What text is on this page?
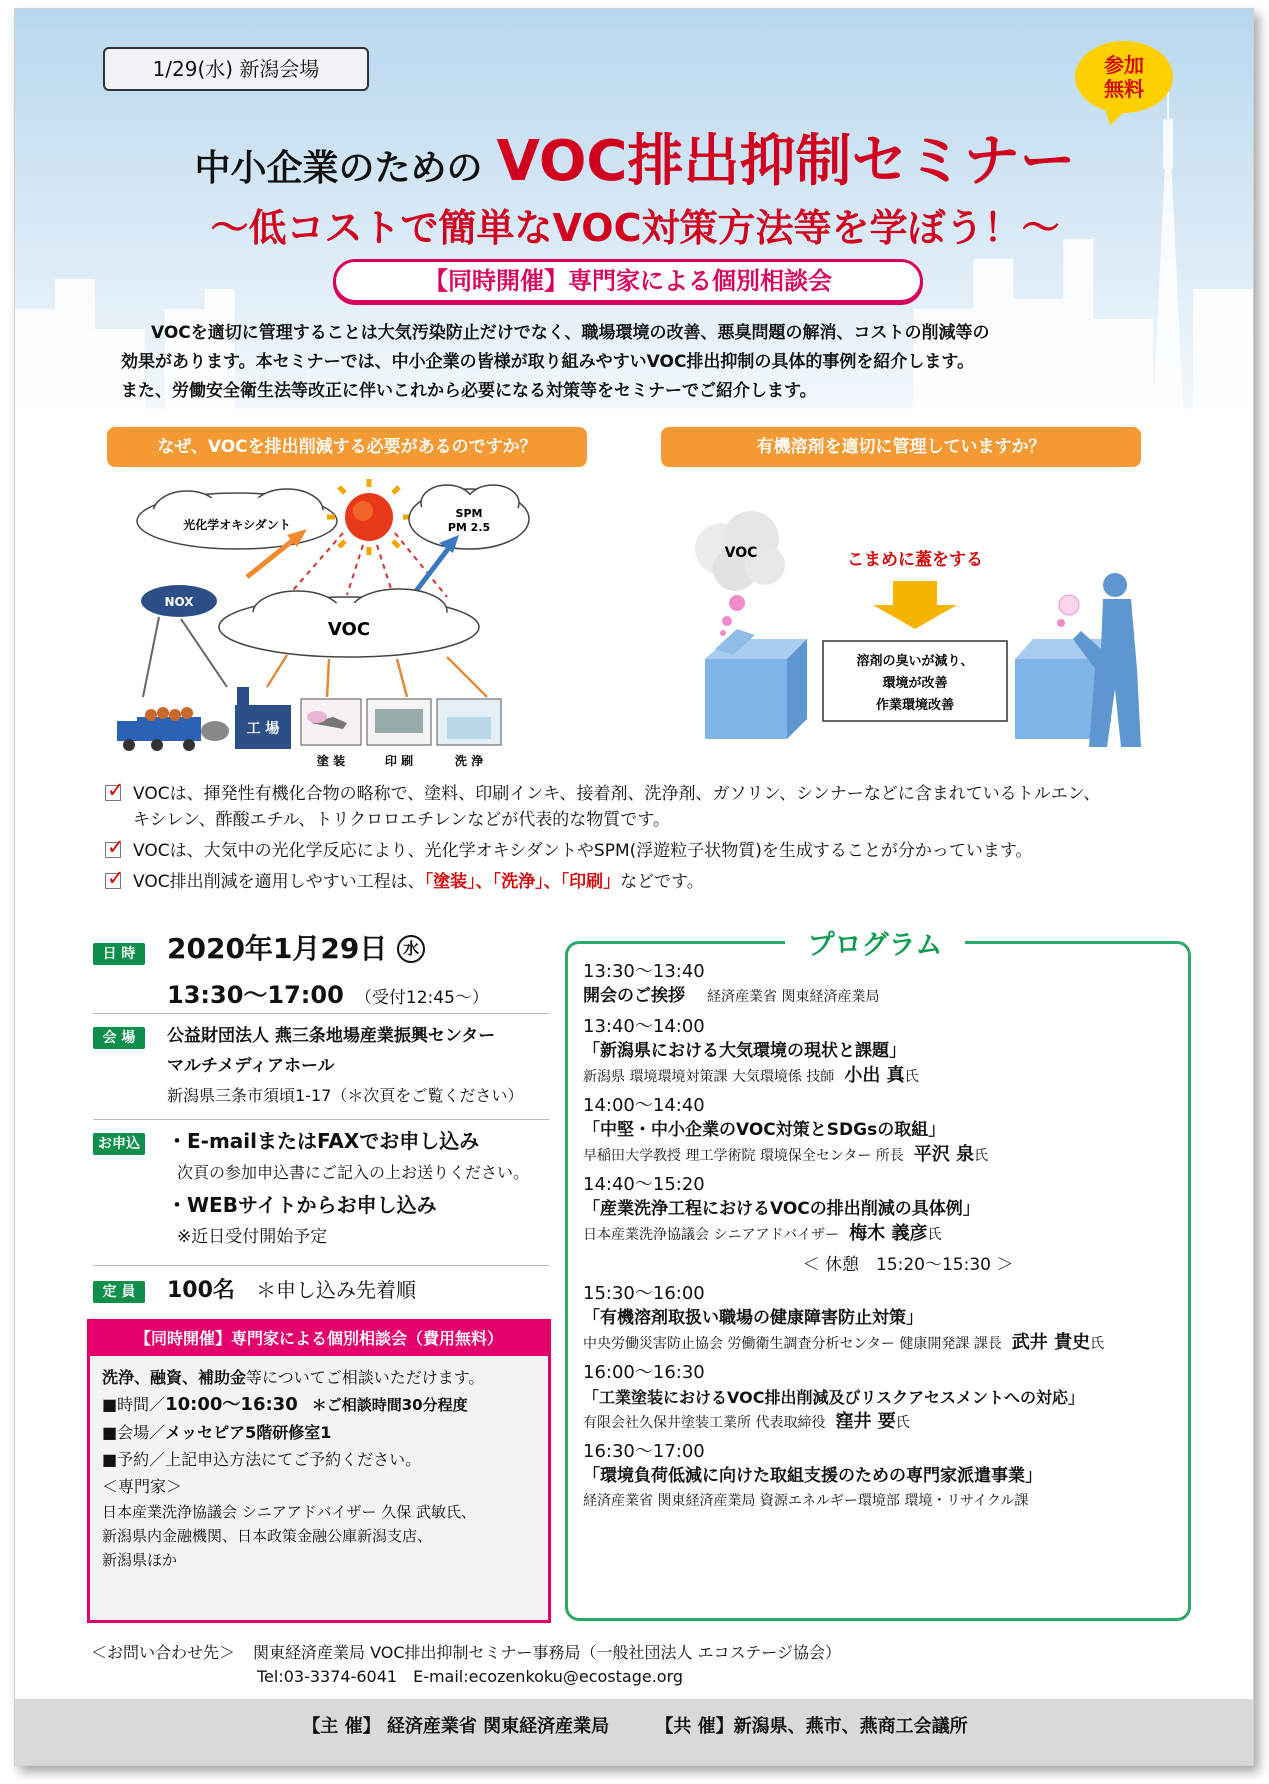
1/29(水) 新潟会場	参加
無料
中小企業のための VOC排出抑制セミナー
～低コストで簡単なVOC対策方法等を学ぼう！～
【同時開催】専門家による個別相談会

VOCを適切に管理することは大気汚染防止だけでなく、職場環境の改善、悪臭問題の解消、コストの削減等の

効果があります。本セミナーでは、中小企業の皆様が取り組みやすいVOC排出抑制の具体的事例を紹介します。

また、労働安全衛生法等改正に伴いこれから必要になる対策等をセミナーでご紹介します。

なぜ、VOCを排出削減する必要があるのですか？	有機溶剤を適切に管理していますか？
光化学オキシダント
SPM
PM 2.5
NOX
VOC
工 場
塗 装	印 刷	洗 浄
VOC	こまめに蓋をする
溶剤の臭いが減り、
環境が改善
作業環境改善
✓
VOCは、揮発性有機化合物の略称で、塗料、印刷インキ、接着剤、洗浄剤、ガソリン、シンナーなどに含まれているトルエン、
キシレン、酢酸エチル、トリクロロエチレンなどが代表的な物質です。
✓
VOCは、大気中の光化学反応により、光化学オキシダントやSPM(浮遊粒子状物質)を生成することが分かっています。
✓
VOC排出削減を適用しやすい工程は、「塗装」、「洗浄」、「印刷」などです。
日 時	2020年1月29日 水
13:30～17:00 （受付12:45～）
会 場	公益財団法人 燕三条地場産業振興センター
マルチメディアホール
新潟県三条市須頃1-17（＊次頁をご覧ください）
お申込 ・E-mailまたはFAXでお申し込み
次頁の参加申込書にご記入の上お送りください。
・WEBサイトからお申し込み
※近日受付開始予定
定 員	100名 ＊申し込み先着順
【同時開催】専門家による個別相談会（費用無料）
洗浄、融資、補助金等についてご相談いただけます。
■時間／10:00～16:30 ＊ご相談時間30分程度
■会場／メッセピア5階研修室1
■予約／上記申込方法にてご予約ください。
＜専門家＞
日本産業洗浄協議会 シニアアドバイザー 久保 武敏氏、
新潟県内金融機関、日本政策金融公庫新潟支店、
新潟県ほか
プログラム
13:30～13:40
開会のご挨拶 経済産業省 関東経済産業局
13:40～14:00
「新潟県における大気環境の現状と課題」
新潟県 環境環境対策課 大気環境係 技師 小出 真氏
14:00～14:40
「中堅・中小企業のVOC対策とSDGsの取組」
早稲田大学教授 理工学術院 環境保全センター 所長 平沢 泉氏
14:40～15:20
「産業洗浄工程におけるVOCの排出削減の具体例」
日本産業洗浄協議会 シニアアドバイザー 梅木 義彦氏
＜ 休憩　15:20～15:30 ＞
15:30～16:00
「有機溶剤取扱い職場の健康障害防止対策」
中央労働災害防止協会 労働衛生調査分析センター 健康開発課 課長 武井 貴史氏
16:00～16:30
「工業塗装におけるVOC排出削減及びリスクアセスメントへの対応」
有限会社久保井塗装工業所 代表取締役 窪井 要氏
16:30～17:00
「環境負荷低減に向けた取組支援のための専門家派遣事業」
経済産業省 関東経済産業局 資源エネルギー環境部 環境・リサイクル課
＜お問い合わせ先＞ 関東経済産業局 VOC排出抑制セミナー事務局（一般社団法人 エコステージ協会）
Tel:03-3374-6041　E-mail:ecozenkoku@ecostage.org
【主 催】 経済産業省 関東経済産業局	【共 催】新潟県、燕市、燕商工会議所
